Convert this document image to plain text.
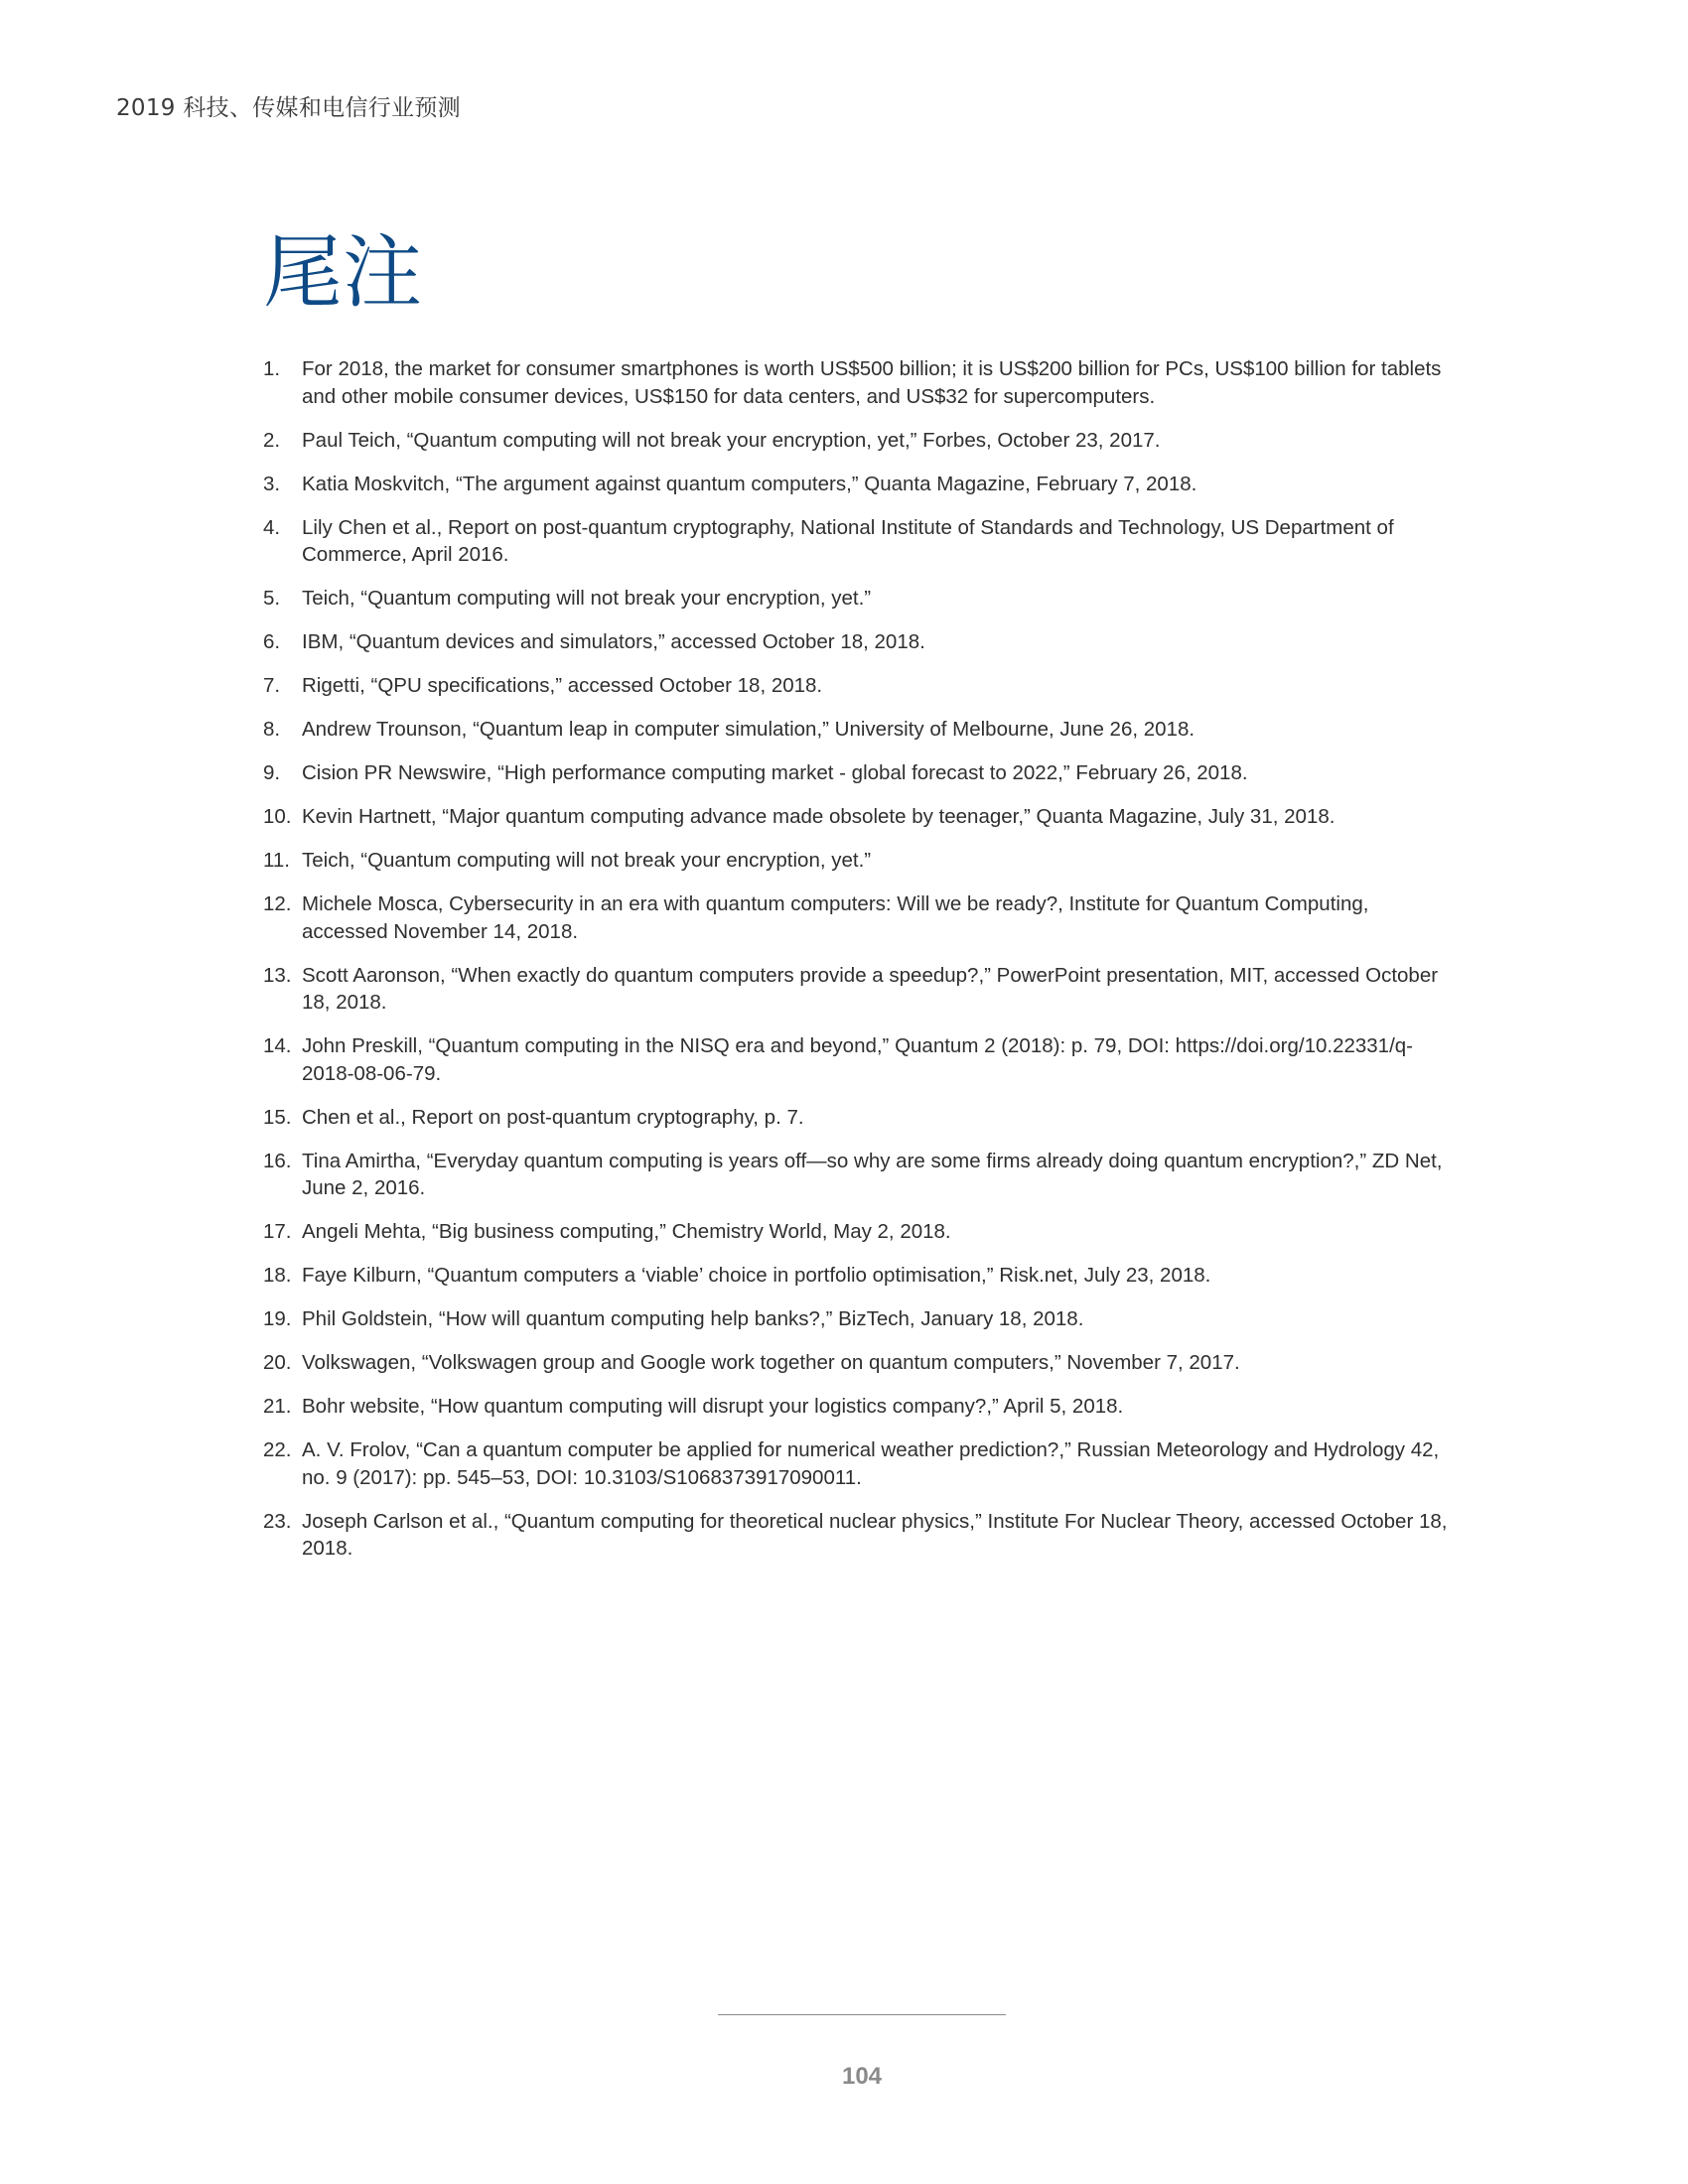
2019 科技、传媒和电信行业预测
尾注
1. For 2018, the market for consumer smartphones is worth US$500 billion; it is US$200 billion for PCs, US$100 billion for tablets and other mobile consumer devices, US$150 for data centers, and US$32 for supercomputers.
2. Paul Teich, “Quantum computing will not break your encryption, yet,” Forbes, October 23, 2017.
3. Katia Moskvitch, “The argument against quantum computers,” Quanta Magazine, February 7, 2018.
4. Lily Chen et al., Report on post-quantum cryptography, National Institute of Standards and Technology, US Department of Commerce, April 2016.
5. Teich, “Quantum computing will not break your encryption, yet.”
6. IBM, “Quantum devices and simulators,” accessed October 18, 2018.
7. Rigetti, “QPU specifications,” accessed October 18, 2018.
8. Andrew Trounson, “Quantum leap in computer simulation,” University of Melbourne, June 26, 2018.
9. Cision PR Newswire, “High performance computing market - global forecast to 2022,” February 26, 2018.
10. Kevin Hartnett, “Major quantum computing advance made obsolete by teenager,” Quanta Magazine, July 31, 2018.
11. Teich, “Quantum computing will not break your encryption, yet.”
12. Michele Mosca, Cybersecurity in an era with quantum computers: Will we be ready?, Institute for Quantum Computing, accessed November 14, 2018.
13. Scott Aaronson, “When exactly do quantum computers provide a speedup?,” PowerPoint presentation, MIT, accessed October 18, 2018.
14. John Preskill, “Quantum computing in the NISQ era and beyond,” Quantum 2 (2018): p. 79, DOI: https://doi.org/10.22331/q-2018-08-06-79.
15. Chen et al., Report on post-quantum cryptography, p. 7.
16. Tina Amirtha, “Everyday quantum computing is years off—so why are some firms already doing quantum encryption?,” ZD Net, June 2, 2016.
17. Angeli Mehta, “Big business computing,” Chemistry World, May 2, 2018.
18. Faye Kilburn, “Quantum computers a ‘viable’ choice in portfolio optimisation,” Risk.net, July 23, 2018.
19. Phil Goldstein, “How will quantum computing help banks?,” BizTech, January 18, 2018.
20. Volkswagen, “Volkswagen group and Google work together on quantum computers,” November 7, 2017.
21. Bohr website, “How quantum computing will disrupt your logistics company?,” April 5, 2018.
22. A. V. Frolov, “Can a quantum computer be applied for numerical weather prediction?,” Russian Meteorology and Hydrology 42, no. 9 (2017): pp. 545–53, DOI: 10.3103/S1068373917090011.
23. Joseph Carlson et al., “Quantum computing for theoretical nuclear physics,” Institute For Nuclear Theory, accessed October 18, 2018.
104
